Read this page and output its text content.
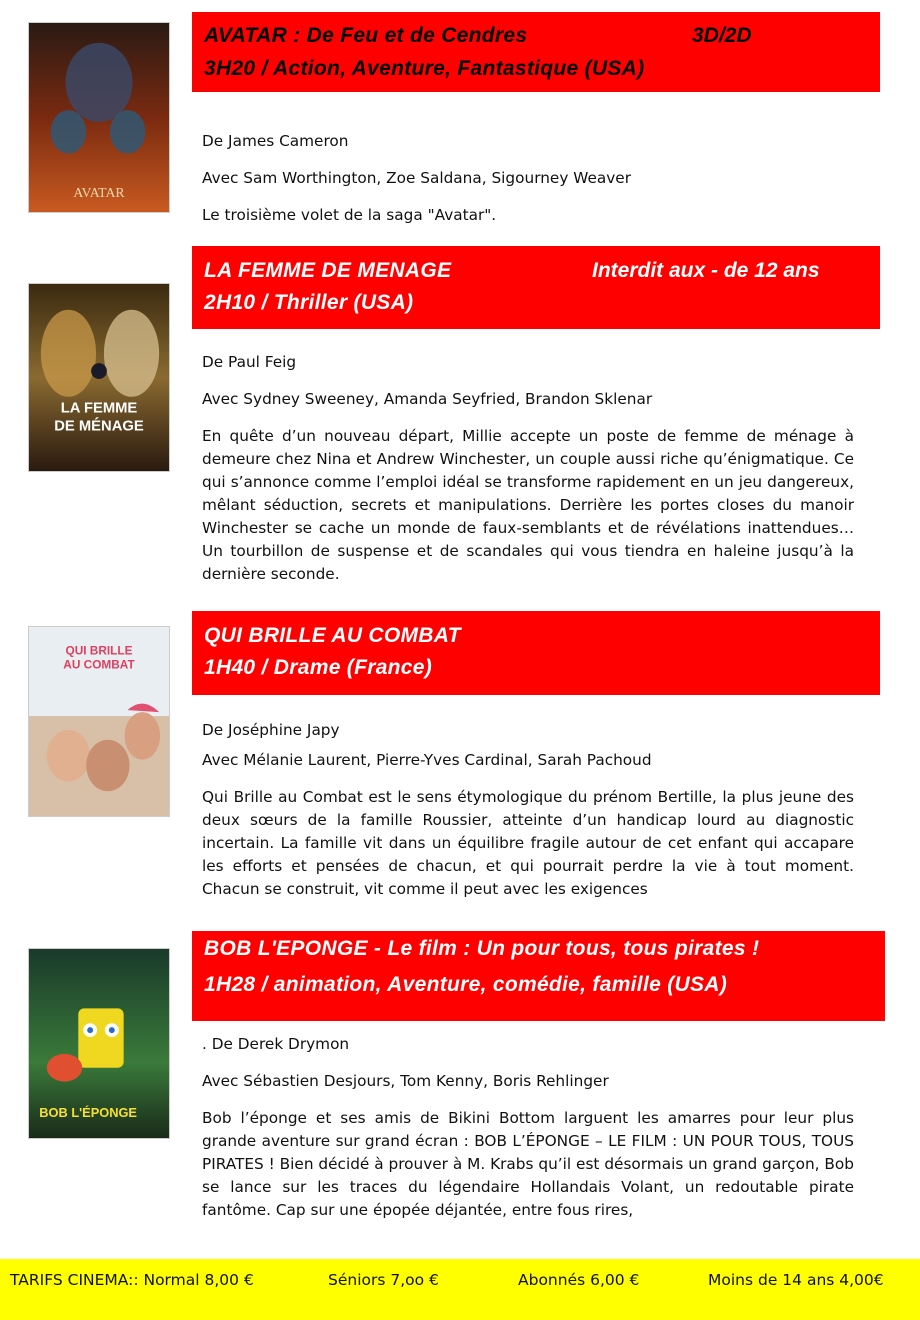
AVATAR
AVATAR : De Feu et de Cendres	3D/2D
3H20 / Action, Aventure, Fantastique (USA)
De James Cameron
Avec Sam Worthington, Zoe Saldana, Sigourney Weaver
Le troisième volet de la saga "Avatar".
LA FEMME
DE MÉNAGE
LA FEMME DE MENAGE	Interdit aux - de 12 ans
2H10 / Thriller (USA)
De Paul Feig
Avec Sydney Sweeney, Amanda Seyfried, Brandon Sklenar
En quête d’un nouveau départ, Millie accepte un poste de femme de ménage à demeure chez Nina et Andrew Winchester, un couple aussi riche qu’énigmatique. Ce qui s’annonce comme l’emploi idéal se transforme rapidement en un jeu dangereux, mêlant séduction, secrets et manipulations. Derrière les portes closes du manoir Winchester se cache un monde de faux-semblants et de révélations inattendues… Un tourbillon de suspense et de scandales qui vous tiendra en haleine jusqu’à la dernière seconde.
QUI BRILLE
AU COMBAT
QUI BRILLE AU COMBAT
1H40 / Drame (France)
De Joséphine Japy
Avec Mélanie Laurent, Pierre-Yves Cardinal, Sarah Pachoud
Qui Brille au Combat est le sens étymologique du prénom Bertille, la plus jeune des deux sœurs de la famille Roussier, atteinte d’un handicap lourd au diagnostic incertain. La famille vit dans un équilibre fragile autour de cet enfant qui accapare les efforts et pensées de chacun, et qui pourrait perdre la vie à tout moment. Chacun se construit, vit comme il peut avec les exigences
BOB L'ÉPONGE
BOB L'EPONGE - Le film : Un pour tous, tous pirates !
1H28 / animation, Aventure, comédie, famille (USA)
. De Derek Drymon
Avec Sébastien Desjours, Tom Kenny, Boris Rehlinger
Bob l’éponge et ses amis de Bikini Bottom larguent les amarres pour leur plus grande aventure sur grand écran : BOB L’ÉPONGE – LE FILM : UN POUR TOUS, TOUS PIRATES ! Bien décidé à prouver à M. Krabs qu’il est désormais un grand garçon, Bob se lance sur les traces du légendaire Hollandais Volant, un redoutable pirate fantôme. Cap sur une épopée déjantée, entre fous rires,
TARIFS CINEMA:: Normal 8,00 €	Séniors 7,oo €	Abonnés 6,00 €	Moins de 14 ans 4,00€
